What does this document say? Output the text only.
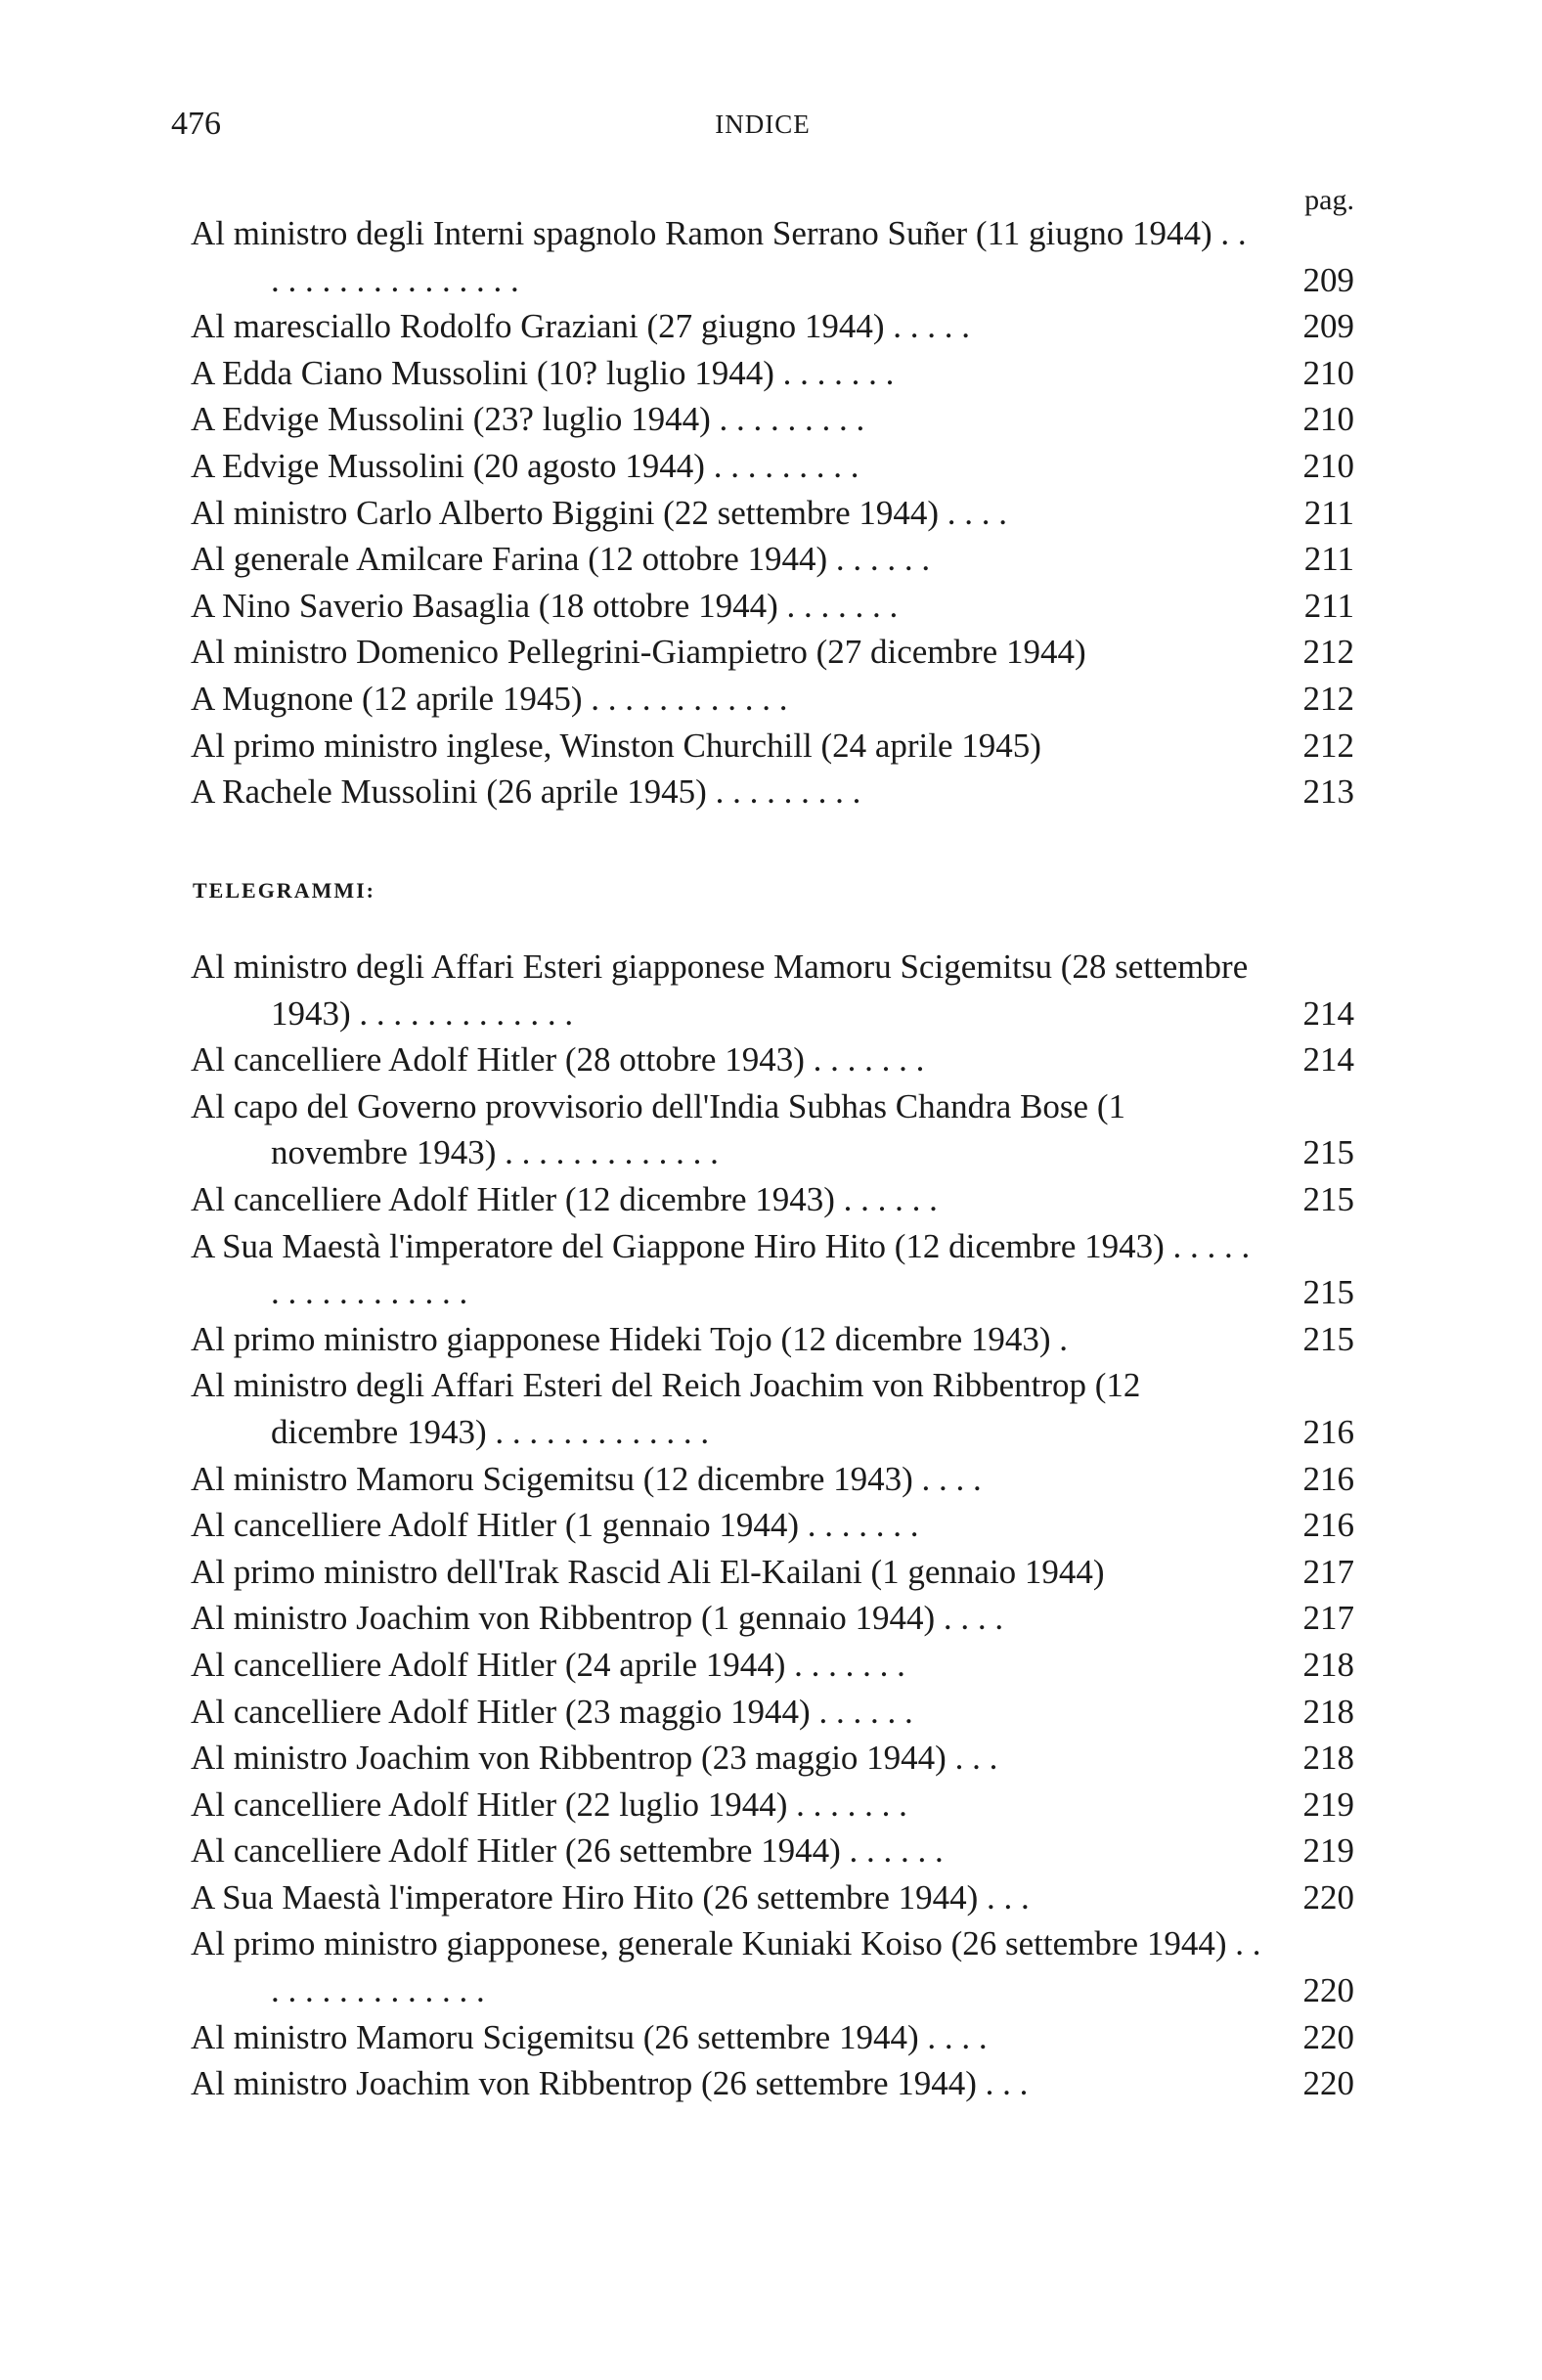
476	INDICE
pag.
Al ministro degli Interni spagnolo Ramon Serrano Suñer (11 giugno 1944) . . . . . . . . . . . . . . . . .	209
Al maresciallo Rodolfo Graziani (27 giugno 1944) . . . . .	209
A Edda Ciano Mussolini (10? luglio 1944) . . . . . . .	210
A Edvige Mussolini (23? luglio 1944) . . . . . . . . .	210
A Edvige Mussolini (20 agosto 1944) . . . . . . . . .	210
Al ministro Carlo Alberto Biggini (22 settembre 1944) . . . .	211
Al generale Amilcare Farina (12 ottobre 1944) . . . . . .	211
A Nino Saverio Basaglia (18 ottobre 1944) . . . . . . .	211
Al ministro Domenico Pellegrini-Giampietro (27 dicembre 1944)	212
A Mugnone (12 aprile 1945) . . . . . . . . . . . .	212
Al primo ministro inglese, Winston Churchill (24 aprile 1945)	212
A Rachele Mussolini (26 aprile 1945) . . . . . . . . .	213
TELEGRAMMI:
Al ministro degli Affari Esteri giapponese Mamoru Scigemitsu (28 settembre 1943) . . . . . . . . . . . . .	214
Al cancelliere Adolf Hitler (28 ottobre 1943) . . . . . . .	214
Al capo del Governo provvisorio dell'India Subhas Chandra Bose (1 novembre 1943) . . . . . . . . . . . . .	215
Al cancelliere Adolf Hitler (12 dicembre 1943) . . . . . .	215
A Sua Maestà l'imperatore del Giappone Hiro Hito (12 dicembre 1943) . . . . . . . . . . . . . . . . .	215
Al primo ministro giapponese Hideki Tojo (12 dicembre 1943) .	215
Al ministro degli Affari Esteri del Reich Joachim von Ribbentrop (12 dicembre 1943) . . . . . . . . . . . . .	216
Al ministro Mamoru Scigemitsu (12 dicembre 1943) . . . .	216
Al cancelliere Adolf Hitler (1 gennaio 1944) . . . . . . .	216
Al primo ministro dell'Irak Rascid Ali El-Kailani (1 gennaio 1944)	217
Al ministro Joachim von Ribbentrop (1 gennaio 1944) . . . .	217
Al cancelliere Adolf Hitler (24 aprile 1944) . . . . . . .	218
Al cancelliere Adolf Hitler (23 maggio 1944) . . . . . .	218
Al ministro Joachim von Ribbentrop (23 maggio 1944) . . .	218
Al cancelliere Adolf Hitler (22 luglio 1944) . . . . . . .	219
Al cancelliere Adolf Hitler (26 settembre 1944) . . . . . .	219
A Sua Maestà l'imperatore Hiro Hito (26 settembre 1944) . . .	220
Al primo ministro giapponese, generale Kuniaki Koiso (26 settembre 1944) . . . . . . . . . . . . . . .	220
Al ministro Mamoru Scigemitsu (26 settembre 1944) . . . .	220
Al ministro Joachim von Ribbentrop (26 settembre 1944) . . .	220
